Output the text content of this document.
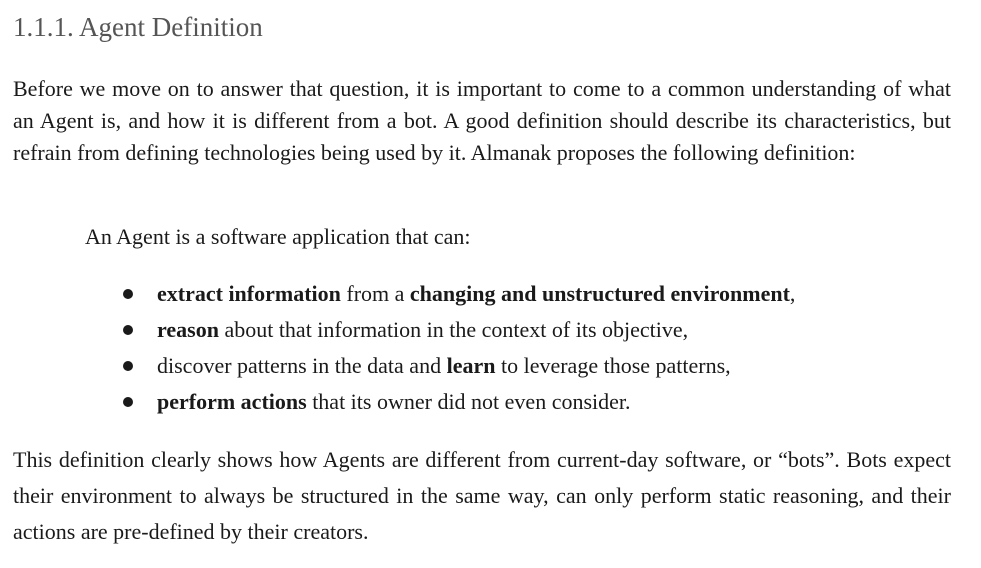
1.1.1. Agent Definition

Before we move on to answer that question, it is important to come to a common understanding of what an Agent is, and how it is different from a bot. A good definition should describe its characteristics, but refrain from defining technologies being used by it. Almanak proposes the following definition:

An Agent is a software application that can:

extract information from a changing and unstructured environment,
reason about that information in the context of its objective,
discover patterns in the data and learn to leverage those patterns,
perform actions that its owner did not even consider.

This definition clearly shows how Agents are different from current-day software, or “bots”. Bots expect their environment to always be structured in the same way, can only perform static reasoning, and their actions are pre-defined by their creators.
